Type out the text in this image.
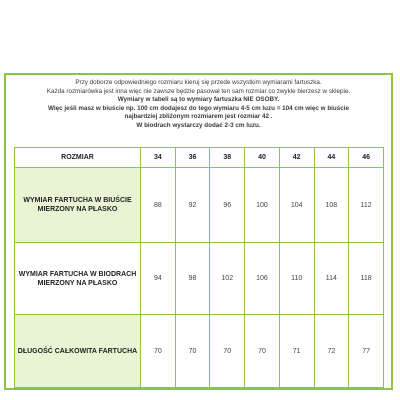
Przy doborze odpowiedniego rozmiaru kieruj się przede wszystkim wymiarami fartuszka.

Każda rozmiarówka jest inna więc nie zawsze będzie pasował ten sam rozmiar co zwykle bierzesz w sklepie.

Wymiary w tabeli są to wymiary fartuszka NIE OSOBY.

Więc jeśli masz w biuście np. 100 cm dodajesz do tego wymiaru 4-5 cm luzu = 104 cm więc w biuście

najbardziej zbliżonym rozmiarem jest rozmiar 42 .

W biodrach wystarczy dodać 2-3 cm luzu.

ROZMIAR	34	36	38	40	42	44	46
WYMIAR FARTUCHA W BIUŚCIE MIERZONY NA PŁASKO	88	92	96	100	104	108	112
WYMIAR FARTUCHA W BIODRACH MIERZONY NA PŁASKO	94	98	102	106	110	114	118
DŁUGOŚĆ CAŁKOWITA FARTUCHA	70	70	70	70	71	72	77
